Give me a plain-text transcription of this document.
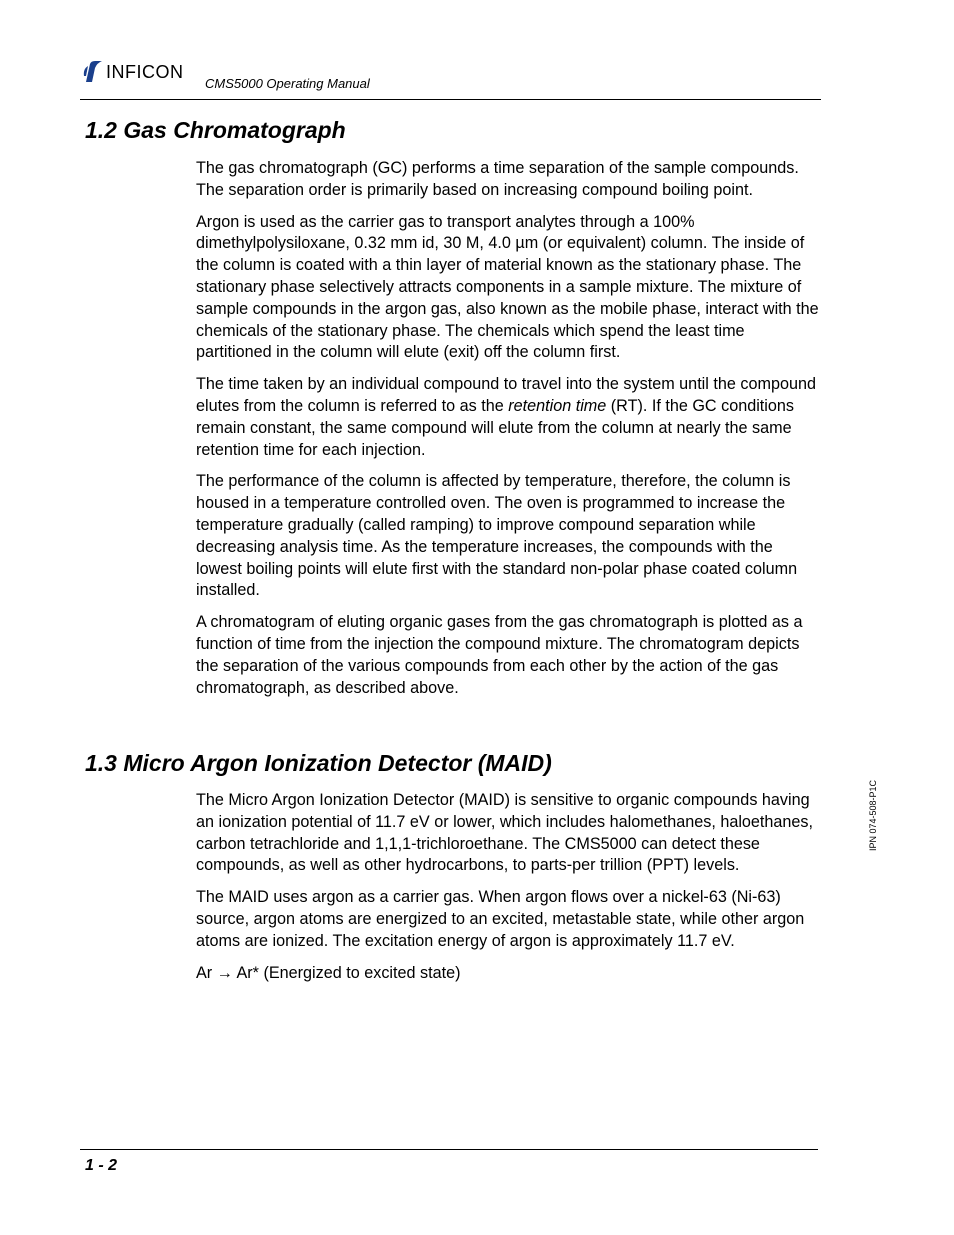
INFICON
CMS5000 Operating Manual
1.2 Gas Chromatograph

The gas chromatograph (GC) performs a time separation of the sample compounds. The separation order is primarily based on increasing compound boiling point.

Argon is used as the carrier gas to transport analytes through a 100% dimethylpolysiloxane, 0.32 mm id, 30 M, 4.0 µm (or equivalent) column. The inside of the column is coated with a thin layer of material known as the stationary phase. The stationary phase selectively attracts components in a sample mixture. The mixture of sample compounds in the argon gas, also known as the mobile phase, interact with the chemicals of the stationary phase. The chemicals which spend the least time partitioned in the column will elute (exit) off the column first.

The time taken by an individual compound to travel into the system until the compound elutes from the column is referred to as the retention time (RT). If the GC conditions remain constant, the same compound will elute from the column at nearly the same retention time for each injection.

The performance of the column is affected by temperature, therefore, the column is housed in a temperature controlled oven. The oven is programmed to increase the temperature gradually (called ramping) to improve compound separation while decreasing analysis time. As the temperature increases, the compounds with the lowest boiling points will elute first with the standard non-polar phase coated column installed.

A chromatogram of eluting organic gases from the gas chromatograph is plotted as a function of time from the injection the compound mixture. The chromatogram depicts the separation of the various compounds from each other by the action of the gas chromatograph, as described above.

1.3 Micro Argon Ionization Detector (MAID)

The Micro Argon Ionization Detector (MAID) is sensitive to organic compounds having an ionization potential of 11.7 eV or lower, which includes halomethanes, haloethanes, carbon tetrachloride and 1,1,1-trichloroethane. The CMS5000 can detect these compounds, as well as other hydrocarbons, to parts-per trillion (PPT) levels.

The MAID uses argon as a carrier gas. When argon flows over a nickel-63 (Ni-63) source, argon atoms are energized to an excited, metastable state, while other argon atoms are ionized. The excitation energy of argon is approximately 11.7 eV.

Ar → Ar* (Energized to excited state)

IPN 074-508-P1C
1 - 2
